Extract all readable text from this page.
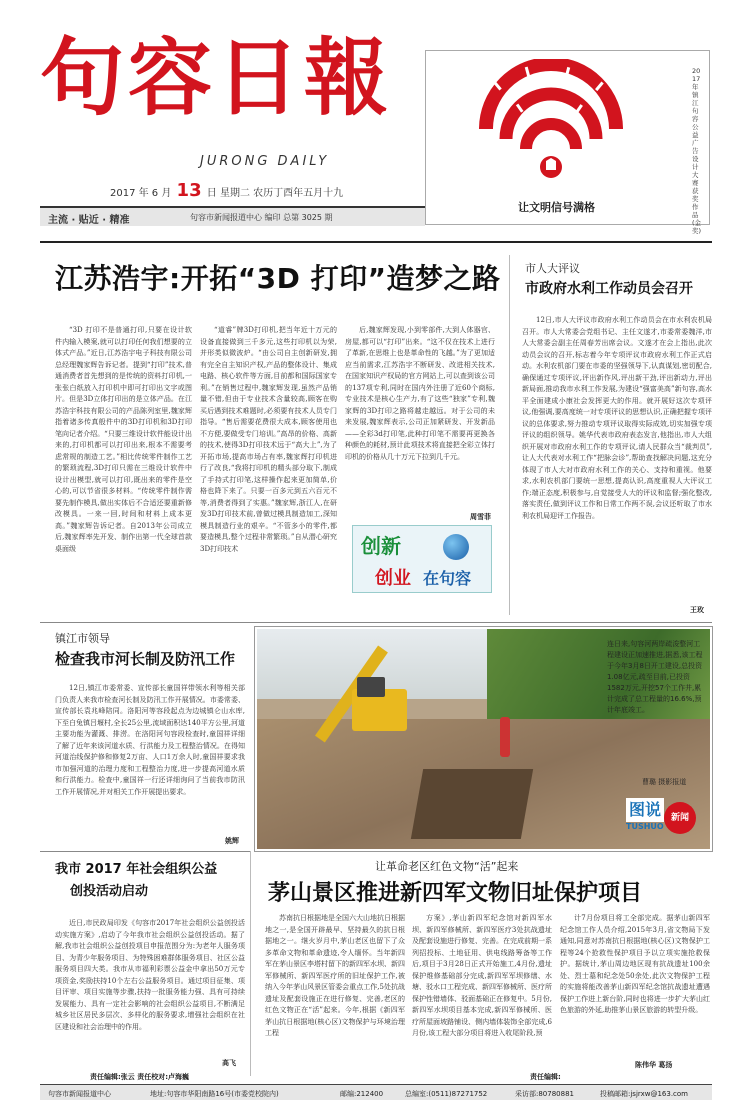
句容日報
JURONG DAILY
2017 年 6 月 13 日 星期二 农历丁酉年五月十九
主流 · 贴近 · 精准	句容市新闻报道中心 编印 总第 3025 期
让文明信号满格
2017 年镇江句容公益广告设计大赛获奖作品(金奖)
江苏浩宇:开拓“3D 打印”造梦之路

“3D 打印不是普通打印,只要在设计软件内输入模案,就可以打印任何我们想要的立体式产品。”近日,江苏浩宇电子科技有限公司总经理魏家辉告诉记者。提到“打印”技术,普通消费者首先想到的是传统的资料打印机,一张张白纸放入打印机中即可打印出文字或图片。但是3D立体打印出的是立体产品。在江苏浩宇科技有限公司的产品陈列室里,魏家辉指着诸多传真般件中的3D打印机和3D打印笔向记者介绍。“只要三维设计软件能设计出来的,打印机都可以打印出来,根本不需要考虑常规的制造工艺。”相比传统零件制作工艺的繁琐流程,3D打印只需在三维设计软件中设计出模型,就可以打印,既出来的零件是空心的,可以节省很多材料。“传统零件制作需要先制作模具,做出实体后不合适还要重新修改模具。一来一回,时间和材料上成本更高。”魏家辉告诉记者。自2013年公司成立后,魏家辉率先开发、制作出第一代全球首款桌面级

“道睿”牌3D打印机,把当年近十万元的设备直接做到三千多元,这些打印机以为荣,并形类似微波炉。“由公司自主创新研发,拥有完全自主知识产权,产品的整体设计、集成电路、核心软件等方面,目前都和国际国家专利。”在销售过程中,魏家辉发现,虽然产品销量不错,但由于专业技术含量较高,顾客在购买后遇到技术难题时,必须要有技术人员专门指导。“售后需要花费很大成本,顾客使用也不方便,要做受专门培训。”高昂的价格、高新的技术,使得3D打印技术远于“高大上”,为了开拓市场,提高市场占有率,魏家辉打印机进行了改良,“我将打印机的精头部分取下,制成了手持式打印笔,这样操作起来更加简单,价格也降下来了。只要一百多元到五六百元不等,消费者得到了实惠。”魏家辉,浙江人,在研发3D打印技术前,曾做过模具制造加工,深知模具制造行业的艰辛。“不管多小的零件,都要造模具,整个过程非常繁琐。”自从潜心研究3D打印技术

后,魏家辉发现,小到零部件,大到人体器官、房屋,都可以“打印”出来。“这不仅在技术上进行了革新,在思维上也是革命性的飞越。”为了更加适应当前需求,江苏浩宇不断研发、改进相关技术,在国家知识产权局的官方网站上,可以查到该公司的137项专利,同时在国内外注册了近60个商标,专业技术是核心生产力,有了这些“独家”专利,魏家辉的3D打印之路将越走越远。对于公司的未来发展,魏家辉表示,公司正加紧研发、开发新品——全彩3d打印笔,此种打印笔不需要再更换各种颜色的耗材,预计此项技术将直接把全彩立体打印机的价格从几十万元下拉到几千元。

周雪菲
创新
创业 在句容
市人大评议
市政府水利工作动员会召开

12日,市人大评议市政府水利工作动员会在市水利农机局召开。市人大常委会党组书记、主任文遂才,市委常委魏洋,市人大常委会副主任周春芳出席会议。文遂才在会上指出,此次动员会议的召开,标志着今年专项评议市政府水利工作正式启动。水利农机部门要在市委的坚强领导下,认真谋划,密切配合,确保通过专项评议,评出新作风,评出新干劲,评出新动力,评出新局面,推动我市水利工作发展,为建设“强富美高”新句容,高水平全面建成小康社会发挥更大的作用。就开展好这次专项评议,他强调,要高度统一对专项评议的思想认识,正确把握专项评议的总体要求,努力推动专项评议取得实际成效,切实加强专项评议的组织领导。姚华代表市政府表态发言,他指出,市人大组织开展对市政府水利工作的专项评议,请人民群众当“裁判员”,让人大代表对水利工作“把脉会诊”,帮助查找解决问题,这充分体现了市人大对市政府水利工作的关心、支持和重视。他要求,水利农机部门要统一思想,提高认识,高度重视人大评议工作;端正态度,积极参与,自觉接受人大的评议和监督;强化整改,落实责任,做到评议工作和日常工作两不误,会议还听取了市水利农机局迎评工作报告。

王玫
镇江市领导
检查我市河长制及防汛工作

12日,镇江市委常委、宣传部长童国祥带领水利等相关部门负责人来我市检查河长制及防汛工作开展情况。市委常委、宣传部长袁兆峰陪同。洛阳河等容段起点为边城镇仑山水库,下至白兔镇吕堰村,全长25公里,流域面积达140平方公里,河道主要功能为灌溉、排涝。在洛阳河句容段检查时,童国祥详细了解了近年来该河道水质、行洪能力及工程整治情况。在得知河道治线保护修和修复2万亩、人口1万余人时,童国祥要求我市加强河道的治理力度和工程整治力度,进一步提高河道水质和行洪能力。检查中,童国祥一行还详细询问了当前我市防汛工作开展情况,并对相关工作开展提出要求。

姚辉
连日来,句容河两岸疏浚整河工程建设正加速推进,据悉,该工程于今年3月8日开工建设,总投资1.08亿元,疏至目前,已投资1582万元,开挖57个工作井,累计完成了总工程量的16.6%,预计年底竣工。
曹璐 摄影报道
图说
TUSHUO
新闻
我市 2017 年社会组织公益
创投活动启动

近日,市民政局印发《句容市2017年社会组织公益创投活动实施方案》,启动了今年我市社会组织公益创投活动。据了解,我市社会组织公益创投项目申报范围分为:为老年人服务项目、为青少年服务项目、为特殊困难群体服务项目、社区公益服务项目四大类。我市从市福利彩票公益金中拿出50万元专项资金,奖励扶持10个左右公益服务项目。通过项目征集、项目评审、项目实施等步骤,扶持一批服务能力强、具有可持续发展能力、具有一定社会影响的社会组织公益项目,不断满足城乡社区居民多层次、多样化的服务要求,增强社会组织在社区建设和社会治理中的作用。

高飞
让革命老区红色文物“活”起来
茅山景区推进新四军文物旧址保护项目

苏南抗日根据地是全国六大山地抗日根据地之一,是全国开辟最早、坚持最久的抗日根据地之一。继火岁月中,茅山老区也留下了众多革命文物和革命遗迹,令人缅怀。当年新四军在茅山景区李塔村留下的新四军水坝、新四军修械所、新四军医疗所的旧址保护工作,被纳入今年茅山风景区管委会重点工作,5处抗战遗址及配套设施正在进行修复、完善,老区的红色文物正在“活”起来。今年,根据《新四军茅山抗日根据地(核心区)文物保护与环境治理工程

方案》,茅山新四军纪念馆对新四军水坝、新四军修械所、新四军医疗3处抗战遗址及配套设施进行修复、完善。在完成前期一系列招投标、土地征用、供电线路筹备等工作后,项目于3月28日正式开始施工,4月份,遗址保护维修基础部分完成,新四军军坝修缮、水塘、驳水口工程完成、新四军修械所、医疗所保护性错墙体、驳面基础正在修复中。5月份,新四军水坝项目基本完成,新四军修械所、医疗所屋面坡路铺设、侧内墙体装饰全部完成,6月份,该工程大部分项目将进入收尾阶段,预

计7月份项目将工全部完成。据茅山新四军纪念馆工作人员介绍,2015年3月,省文物局下发通知,同意对苏南抗日根据地(核心区)文物保护工程等24个抢救性保护项目予以立项实施抢救保护。据统计,茅山周边地区现有抗战遗址100余处、烈士墓和纪念处50余处,此次文物保护工程的实施将能改善茅山新四军纪念馆抗战遗址遭遇保护工作进上新台阶,同时也将进一步扩大茅山红色旅游的外延,助推茅山景区旅游的转型升级。

陈伟华 葛扬
责任编辑:张云 责任校对:卢海巍	责任编辑:
句容市新闻报道中心	地址:句容市华阳南路16号(市委党校院内)	邮编:212400	总编室:(0511)87271752	采访部:80780881	投稿邮箱:jsjrxw@163.com
